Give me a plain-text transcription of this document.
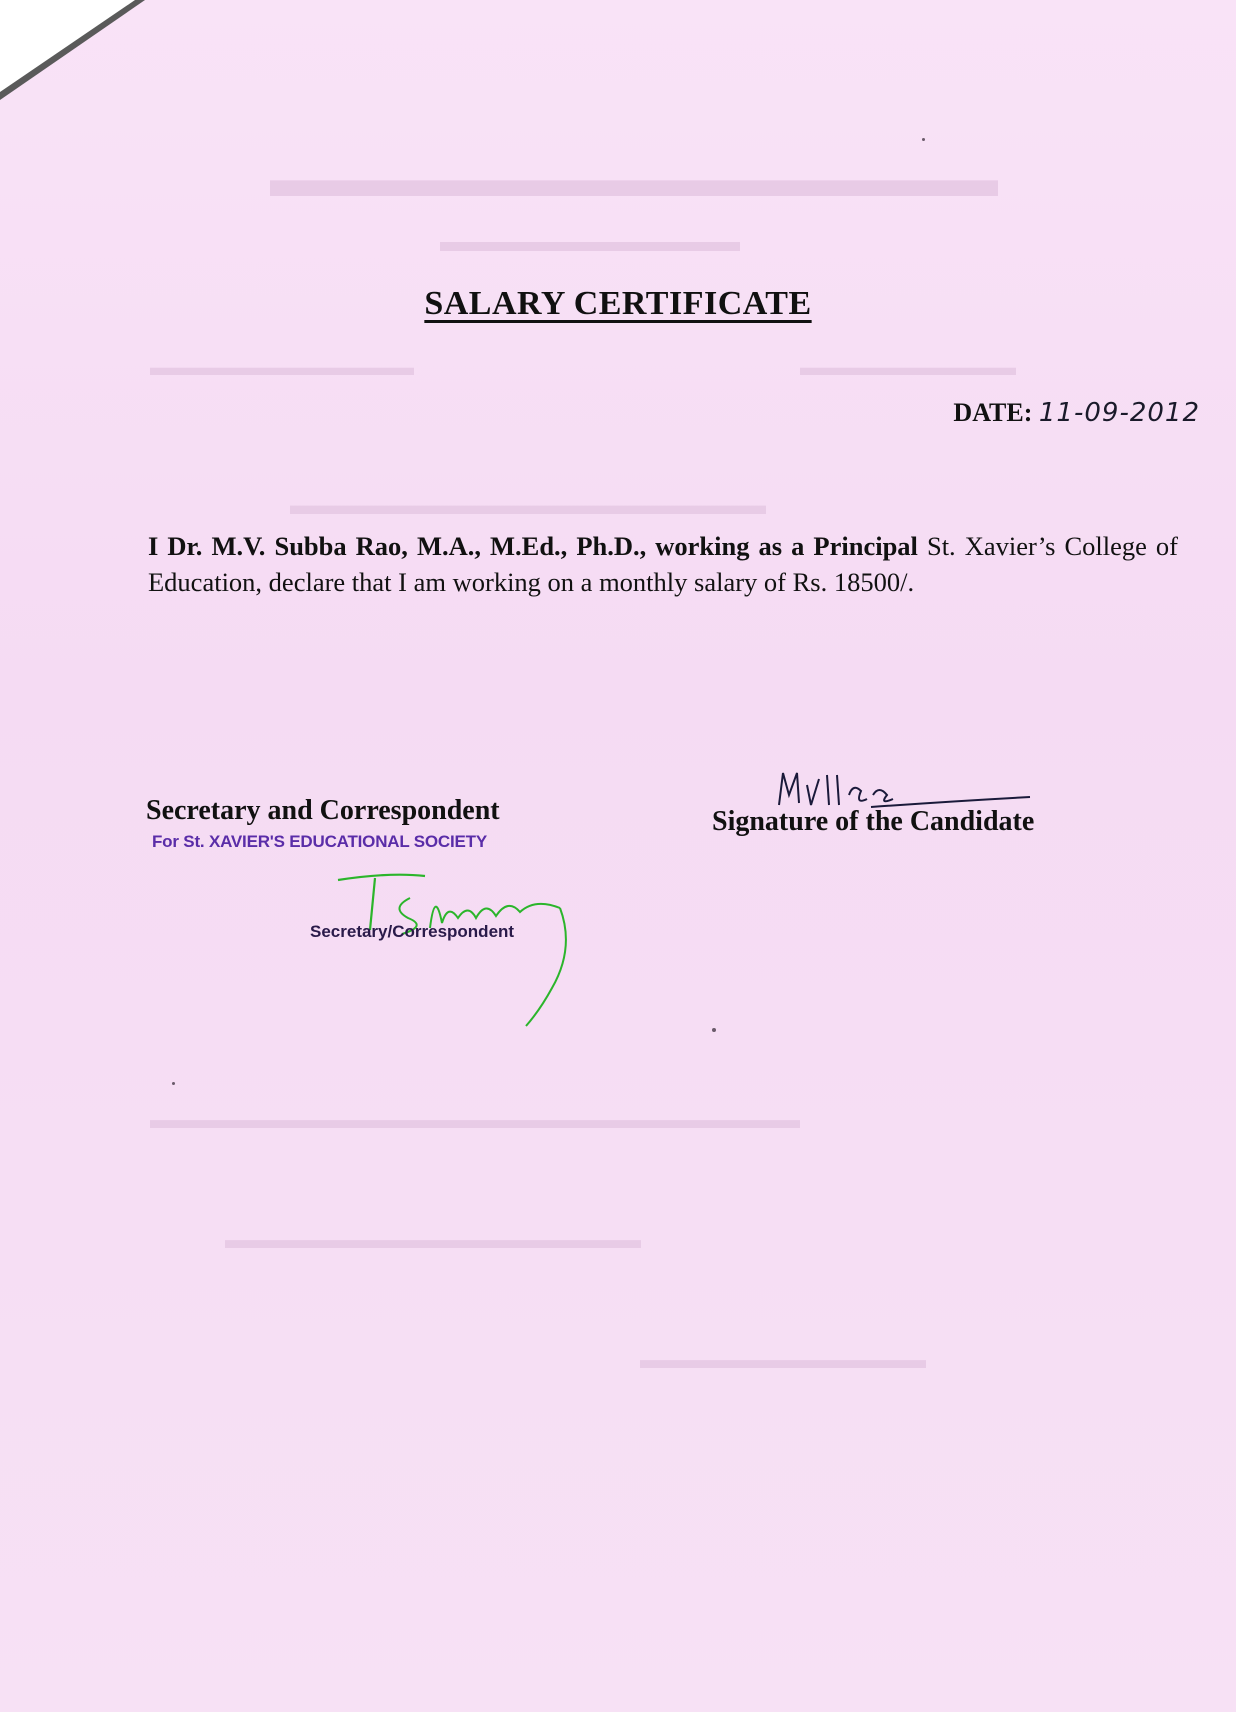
▬▬▬▬▬▬▬▬▬▬▬▬▬▬
▬▬▬▬▬▬▬▬▬▬
▬▬▬▬▬▬▬▬▬▬▬	▬▬▬▬▬▬▬▬▬
▬▬▬▬▬▬▬▬▬▬▬▬▬▬▬▬▬
▬▬▬▬▬▬▬▬▬▬▬▬▬▬▬▬▬▬▬▬▬▬▬▬▬
▬▬▬▬▬▬▬▬▬▬▬▬▬▬▬▬
▬▬▬▬▬▬▬▬▬▬▬
SALARY CERTIFICATE
DATE: 11-09-2012
I Dr. M.V. Subba Rao, M.A., M.Ed., Ph.D., working as a Principal St. Xavier’s College of Education, declare that I am working on a monthly salary of Rs. 18500/.
Secretary and Correspondent
For St. XAVIER'S EDUCATIONAL SOCIETY
Secretary/Correspondent
Signature of the Candidate
